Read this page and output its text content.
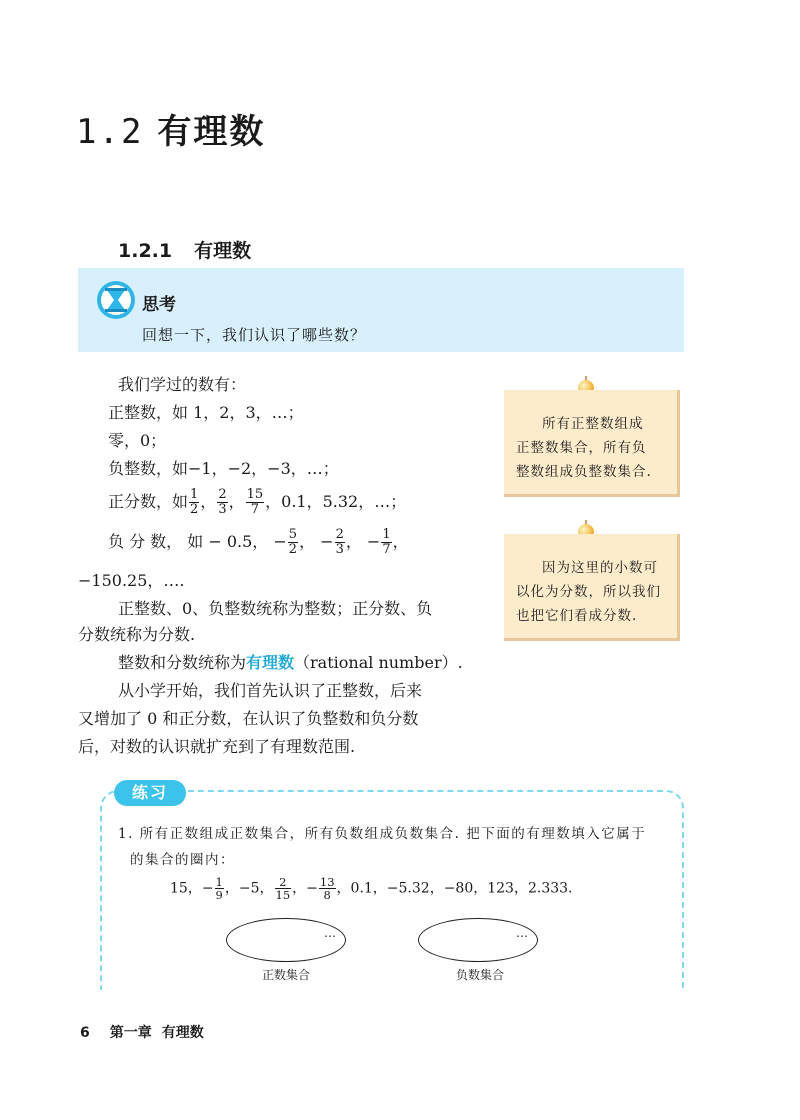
1.2 有理数
1.2.1 有理数
思考
回想一下，我们认识了哪些数？
我们学过的数有：
正整数，如 1，2，3，…；
零，0；
负整数，如−1，−2，−3，…；
正分数，如 $\frac{1}{2}$ ， $\frac{2}{3}$ ， $\frac{15}{7}$ ，0.1，5.32，…；
负 分 数， 如 − 0.5， − $\frac{5}{2}$ ， − $\frac{2}{3}$ ， − $\frac{1}{7}$ ，
−150.25，….
正整数、0、负整数统称为整数；正分数、负
分数统称为分数.
整数和分数统称为有理数（rational number）.
从小学开始，我们首先认识了正整数，后来
又增加了 0 和正分数，在认识了负整数和负分数
后，对数的认识就扩充到了有理数范围.
所有正整数组成
正整数集合，所有负
整数组成负整数集合.
因为这里的小数可
以化为分数，所以我们
也把它们看成分数.
练习
1. 所有正数组成正数集合，所有负数组成负数集合. 把下面的有理数填入它属于
的集合的圈内：
15，− $\frac{1}{9}$ ，−5， $\frac{2}{15}$ ，− $\frac{13}{8}$ ，0.1，−5.32，−80，123，2.333.
…
正数集合
…
负数集合
6 第一章 有理数
